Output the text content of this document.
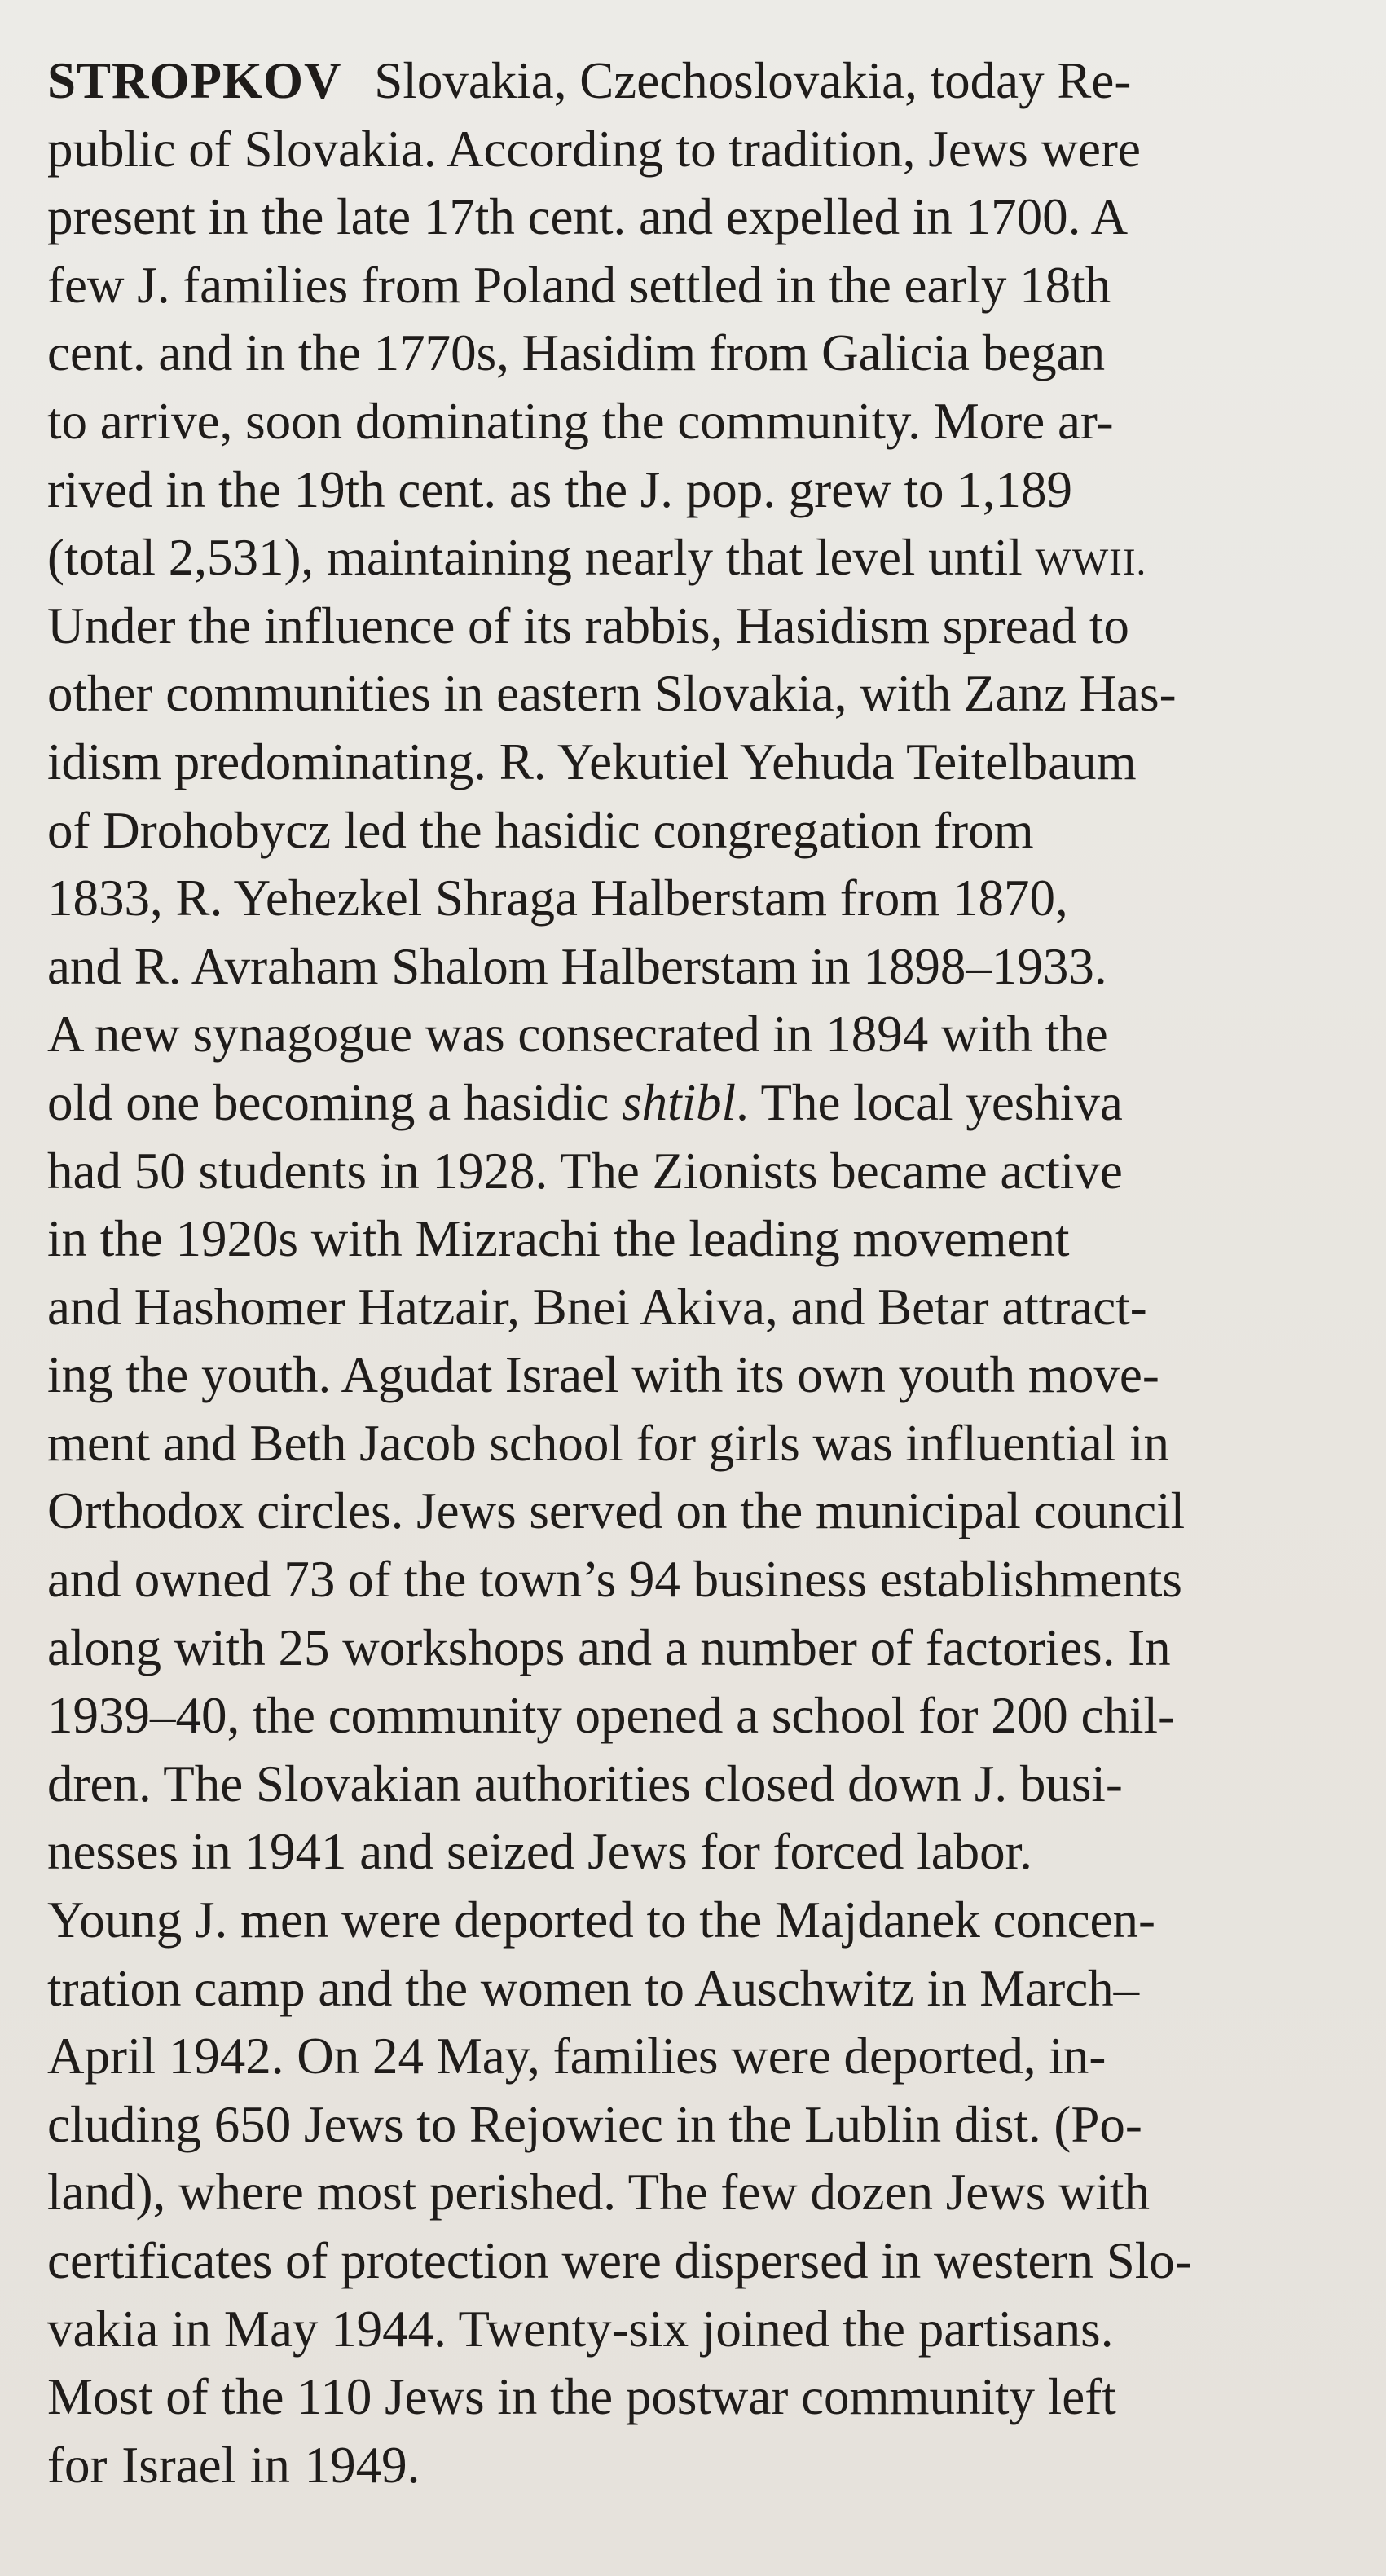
STROPKOV Slovakia, Czechoslovakia, today Re-
public of Slovakia. According to tradition, Jews were
present in the late 17th cent. and expelled in 1700. A
few J. families from Poland settled in the early 18th
cent. and in the 1770s, Hasidim from Galicia began
to arrive, soon dominating the community. More ar-
rived in the 19th cent. as the J. pop. grew to 1,189
(total 2,531), maintaining nearly that level until WWII.
Under the influence of its rabbis, Hasidism spread to
other communities in eastern Slovakia, with Zanz Has-
idism predominating. R. Yekutiel Yehuda Teitelbaum
of Drohobycz led the hasidic congregation from
1833, R. Yehezkel Shraga Halberstam from 1870,
and R. Avraham Shalom Halberstam in 1898–1933.
A new synagogue was consecrated in 1894 with the
old one becoming a hasidic shtibl. The local yeshiva
had 50 students in 1928. The Zionists became active
in the 1920s with Mizrachi the leading movement
and Hashomer Hatzair, Bnei Akiva, and Betar attract-
ing the youth. Agudat Israel with its own youth move-
ment and Beth Jacob school for girls was influential in
Orthodox circles. Jews served on the municipal council
and owned 73 of the town’s 94 business establishments
along with 25 workshops and a number of factories. In
1939–40, the community opened a school for 200 chil-
dren. The Slovakian authorities closed down J. busi-
nesses in 1941 and seized Jews for forced labor.
Young J. men were deported to the Majdanek concen-
tration camp and the women to Auschwitz in March–
April 1942. On 24 May, families were deported, in-
cluding 650 Jews to Rejowiec in the Lublin dist. (Po-
land), where most perished. The few dozen Jews with
certificates of protection were dispersed in western Slo-
vakia in May 1944. Twenty-six joined the partisans.
Most of the 110 Jews in the postwar community left
for Israel in 1949.
